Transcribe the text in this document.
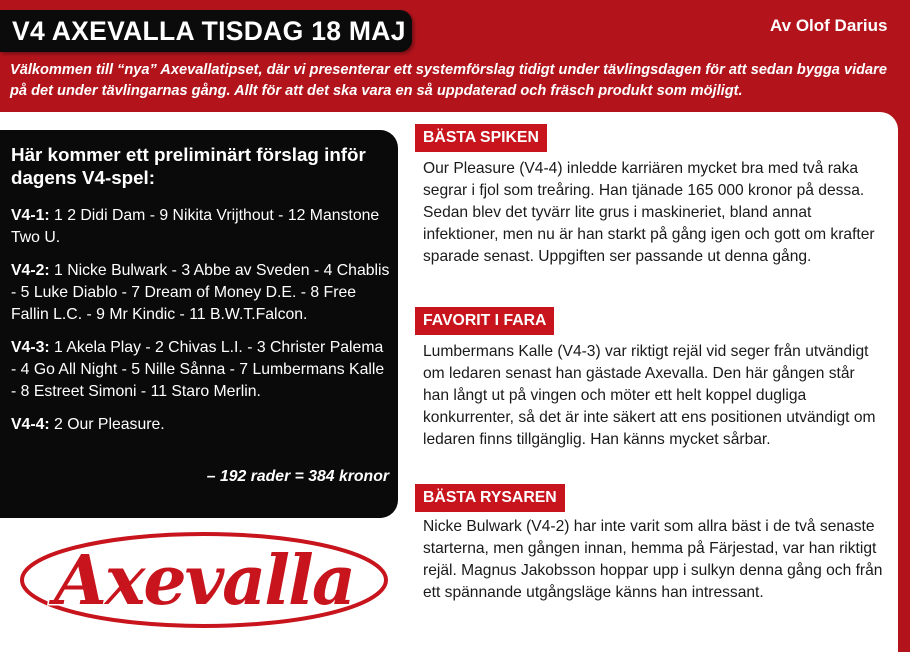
V4 AXEVALLA TISDAG 18 MAJ	Av Olof Darius
Välkommen till “nya” Axevallatipset, där vi presenterar ett systemförslag tidigt under tävlingsdagen för att sedan bygga vidare på det under tävlingarnas gång. Allt för att det ska vara en så uppdaterad och fräsch produkt som möjligt.
Här kommer ett preliminärt förslag inför dagens V4-spel:
V4-1: 1 2 Didi Dam - 9 Nikita Vrijthout - 12 Manstone Two U.
V4-2: 1 Nicke Bulwark - 3 Abbe av Sveden - 4 Chablis - 5 Luke Diablo - 7 Dream of Money D.E. - 8 Free Fallin L.C. - 9 Mr Kindic - 11 B.W.T.Falcon.
V4-3: 1 Akela Play - 2 Chivas L.I. - 3 Christer Palema - 4 Go All Night - 5 Nille Sånna - 7 Lumbermans Kalle - 8 Estreet Simoni - 11 Staro Merlin.
V4-4: 2 Our Pleasure.
– 192 rader = 384 kronor
Axevalla
BÄSTA SPIKEN
Our Pleasure (V4-4) inledde karriären mycket bra med två raka segrar i fjol som treåring. Han tjänade 165 000 kronor på dessa. Sedan blev det tyvärr lite grus i maskineriet, bland annat infektioner, men nu är han starkt på gång igen och gott om krafter sparade senast. Uppgiften ser passande ut denna gång.
FAVORIT I FARA
Lumbermans Kalle (V4-3) var riktigt rejäl vid seger från utvändigt om ledaren senast han gästade Axevalla. Den här gången står han långt ut på vingen och möter ett helt koppel dugliga konkurrenter, så det är inte säkert att ens positionen utvändigt om ledaren finns tillgänglig. Han känns mycket sårbar.
BÄSTA RYSAREN
Nicke Bulwark (V4-2) har inte varit som allra bäst i de två senaste starterna, men gången innan, hemma på Färjestad, var han riktigt rejäl. Magnus Jakobsson hoppar upp i sulkyn denna gång och från ett spännande utgångsläge känns han intressant.
